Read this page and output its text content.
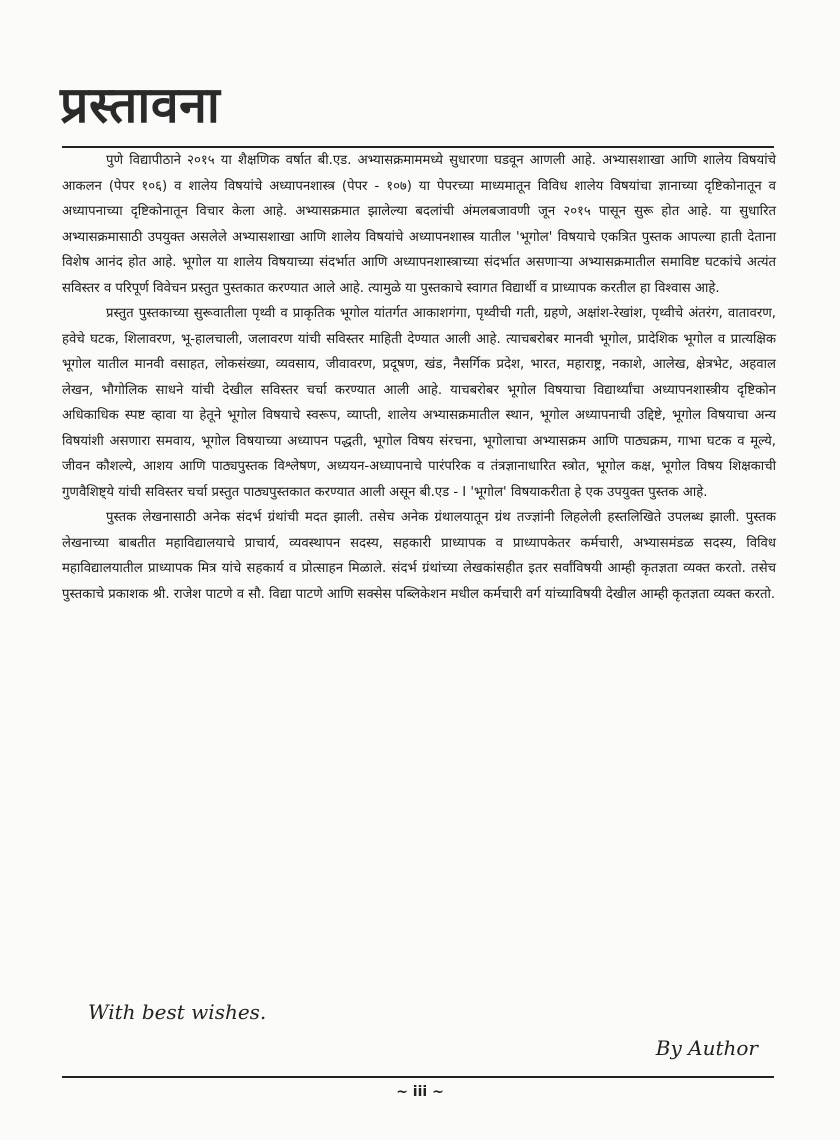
प्रस्तावना

पुणे विद्यापीठाने २०१५ या शैक्षणिक वर्षात बी.एड. अभ्यासक्रमाममध्ये सुधारणा घडवून आणली आहे. अभ्यासशाखा आणि शालेय विषयांचे आकलन (पेपर १०६) व शालेय विषयांचे अध्यापनशास्त्र (पेपर - १०७) या पेपरच्या माध्यमातून विविध शालेय विषयांचा ज्ञानाच्या दृष्टिकोनातून व अध्यापनाच्या दृष्टिकोनातून विचार केला आहे. अभ्यासक्रमात झालेल्या बदलांची अंमलबजावणी जून २०१५ पासून सुरू होत आहे. या सुधारित अभ्यासक्रमासाठी उपयुक्त असलेले अभ्यासशाखा आणि शालेय विषयांचे अध्यापनशास्त्र यातील 'भूगोल' विषयाचे एकत्रित पुस्तक आपल्या हाती देताना विशेष आनंद होत आहे. भूगोल या शालेय विषयाच्या संदर्भात आणि अध्यापनशास्त्राच्या संदर्भात असणाऱ्या अभ्यासक्रमातील समाविष्ट घटकांचे अत्यंत सविस्तर व परिपूर्ण विवेचन प्रस्तुत पुस्तकात करण्यात आले आहे. त्यामुळे या पुस्तकाचे स्वागत विद्यार्थी व प्राध्यापक करतील हा विश्वास आहे.

प्रस्तुत पुस्तकाच्या सुरूवातीला पृथ्वी व प्राकृतिक भूगोल यांतर्गत आकाशगंगा, पृथ्वीची गती, ग्रहणे, अक्षांश-रेखांश, पृथ्वीचे अंतरंग, वातावरण, हवेचे घटक, शिलावरण, भू-हालचाली, जलावरण यांची सविस्तर माहिती देण्यात आली आहे. त्याचबरोबर मानवी भूगोल, प्रादेशिक भूगोल व प्रात्यक्षिक भूगोल यातील मानवी वसाहत, लोकसंख्या, व्यवसाय, जीवावरण, प्रदूषण, खंड, नैसर्गिक प्रदेश, भारत, महाराष्ट्र, नकाशे, आलेख, क्षेत्रभेट, अहवाल लेखन, भौगोलिक साधने यांची देखील सविस्तर चर्चा करण्यात आली आहे. याचबरोबर भूगोल विषयाचा विद्यार्थ्यांचा अध्यापनशास्त्रीय दृष्टिकोन अधिकाधिक स्पष्ट व्हावा या हेतूने भूगोल विषयाचे स्वरूप, व्याप्ती, शालेय अभ्यासक्रमातील स्थान, भूगोल अध्यापनाची उद्दिष्टे, भूगोल विषयाचा अन्य विषयांशी असणारा समवाय, भूगोल विषयाच्या अध्यापन पद्धती, भूगोल विषय संरचना, भूगोलाचा अभ्यासक्रम आणि पाठ्यक्रम, गाभा घटक व मूल्ये, जीवन कौशल्ये, आशय आणि पाठ्यपुस्तक विश्लेषण, अध्ययन-अध्यापनाचे पारंपरिक व तंत्रज्ञानाधारित स्त्रोत, भूगोल कक्ष, भूगोल विषय शिक्षकाची गुणवैशिष्ट्ये यांची सविस्तर चर्चा प्रस्तुत पाठ्यपुस्तकात करण्यात आली असून बी.एड - I 'भूगोल' विषयाकरीता हे एक उपयुक्त पुस्तक आहे.

पुस्तक लेखनासाठी अनेक संदर्भ ग्रंथांची मदत झाली. तसेच अनेक ग्रंथालयातून ग्रंथ तज्ज्ञांनी लिहलेली हस्तलिखिते उपलब्ध झाली. पुस्तक लेखनाच्या बाबतीत महाविद्यालयाचे प्राचार्य, व्यवस्थापन सदस्य, सहकारी प्राध्यापक व प्राध्यापकेतर कर्मचारी, अभ्यासमंडळ सदस्य, विविध महाविद्यालयातील प्राध्यापक मित्र यांचे सहकार्य व प्रोत्साहन मिळाले. संदर्भ ग्रंथांच्या लेखकांसहीत इतर सर्वांविषयी आम्ही कृतज्ञता व्यक्त करतो. तसेच पुस्तकाचे प्रकाशक श्री. राजेश पाटणे व सौ. विद्या पाटणे आणि सक्सेस पब्लिकेशन मधील कर्मचारी वर्ग यांच्याविषयी देखील आम्ही कृतज्ञता व्यक्त करतो.

With best wishes.

By Author

~ iii ~
